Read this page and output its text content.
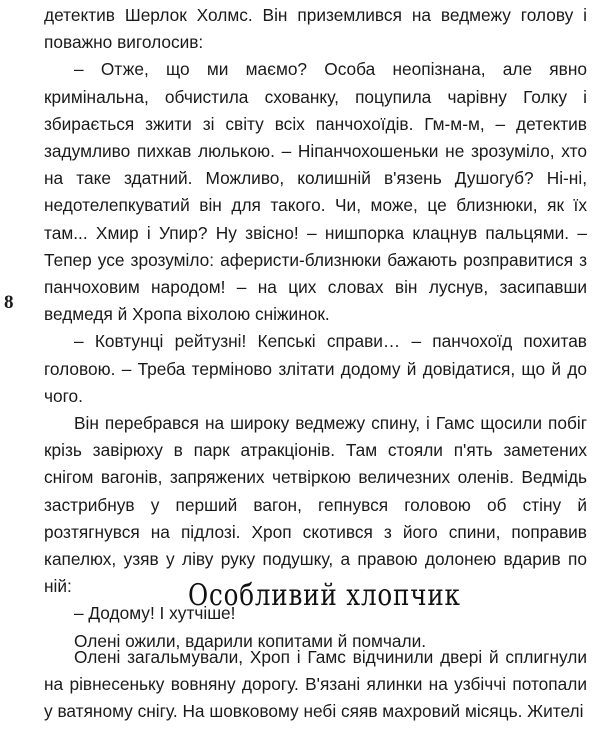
8

детектив Шерлок Холмс. Він приземлився на ведмежу голову і поважно виголосив:

– Отже, що ми маємо? Особа неопізнана, але явно кримінальна, обчистила схованку, поцупила чарівну Голку і збирається зжити зі світу всіх панчохоїдів. Гм-м-м, – детектив задумливо пихкав люлькою. – Ніпанчохошеньки не зрозуміло, хто на таке здатний. Можливо, колишній в'язень Душогуб? Ні-ні, недотелепкуватий він для такого. Чи, може, це близнюки, як їх там... Хмир і Упир? Ну звісно! – нишпорка клацнув пальцями. – Тепер усе зрозуміло: аферисти-близнюки бажають розправитися з панчоховим народом! – на цих словах він луснув, засипавши ведмедя й Хропа віхолою сніжинок.

– Ковтунці рейтузні! Кепські справи… – панчохоїд похитав головою. – Треба терміново злітати додому й довідатися, що й до чого.

Він перебрався на широку ведмежу спину, і Гамс щосили побіг крізь завірюху в парк атракціонів. Там стояли п'ять заметених снігом вагонів, запряжених четвіркою величезних оленів. Ведмідь застрибнув у перший вагон, гепнувся головою об стіну й розтягнувся на підлозі. Хроп скотився з його спини, поправив капелюх, узяв у ліву руку подушку, а правою долонею вдарив по ній:

– Додому! І хутчіше!

Олені ожили, вдарили копитами й помчали.

Особливий хлопчик

Олені загальмували, Хроп і Гамс відчинили двері й сплигнули на рівнесеньку вовняну дорогу. В'язані ялинки на узбіччі потопали у ватяному снігу. На шовковому небі сяяв махровий місяць. Жителі
